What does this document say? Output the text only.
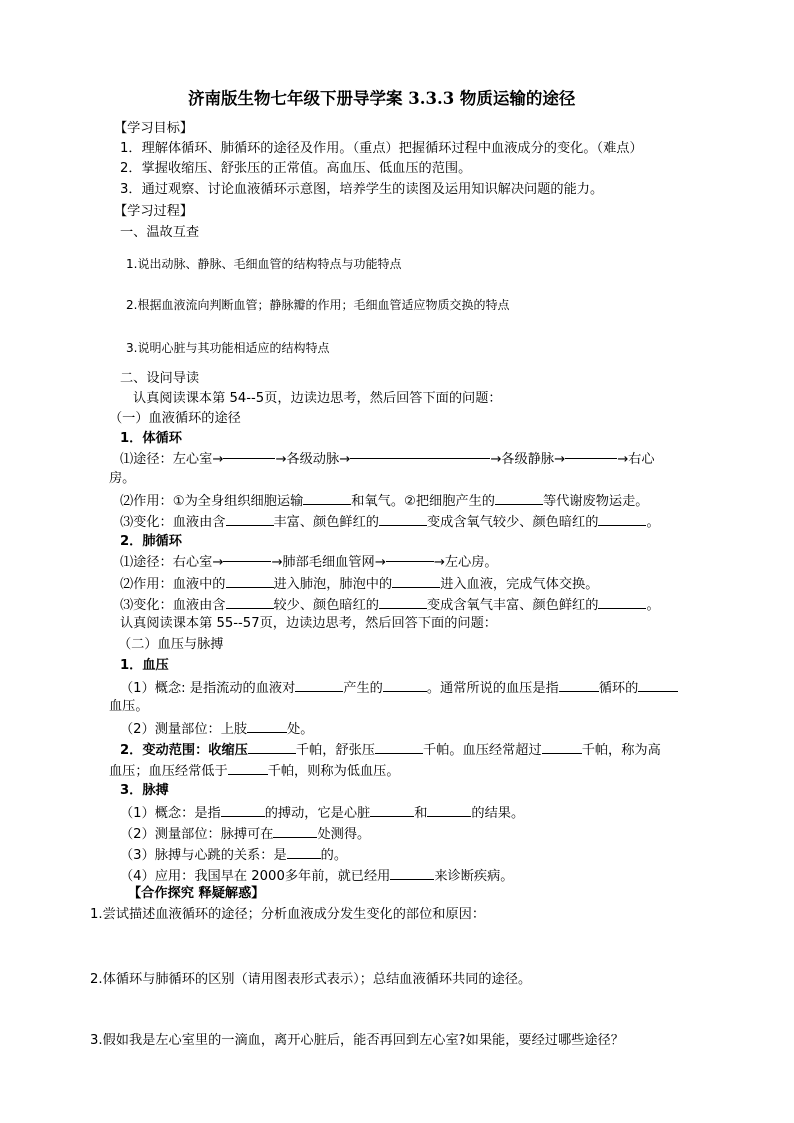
济南版生物七年级下册导学案 3.3.3 物质运输的途径
【学习目标】
1．理解体循环、肺循环的途径及作用。（重点）把握循环过程中血液成分的变化。（难点）
2．掌握收缩压、舒张压的正常值。高血压、低血压的范围。
3．通过观察、讨论血液循环示意图，培养学生的读图及运用知识解决问题的能力。
【学习过程】
一、温故互查
1.说出动脉、静脉、毛细血管的结构特点与功能特点
2.根据血液流向判断血管；静脉瓣的作用；毛细血管适应物质交换的特点
3.说明心脏与其功能相适应的结构特点
二、设问导读
认真阅读课本第 54--5页，边读边思考，然后回答下面的问题：
（一）血液循环的途径
1．体循环
⑴途径：左心室→	→各级动脉→	→各级静脉→	→右心
房。
⑵作用：①为全身组织细胞运输	和氧气。②把细胞产生的	等代谢废物运走。
⑶变化：血液由含	丰富、颜色鲜红的	变成含氧气较少、颜色暗红的	。
2．肺循环
⑴途径：右心室→	→肺部毛细血管网→	→左心房。
⑵作用：血液中的	进入肺泡，肺泡中的	进入血液，完成气体交换。
⑶变化：血液由含	较少、颜色暗红的	变成含氧气丰富、颜色鲜红的	。
认真阅读课本第 55--57页，边读边思考，然后回答下面的问题：
（二）血压与脉搏
1．血压
（1）概念: 是指流动的血液对	产生的	。通常所说的血压是指	循环的
血压。
（2）测量部位：上肢	处。
2．变动范围：收缩压	千帕，舒张压	千帕。血压经常超过	千帕，称为高
血压；血压经常低于	千帕，则称为低血压。
3．脉搏
（1）概念：是指	的搏动，它是心脏	和	的结果。
（2）测量部位：脉搏可在	处测得。
（3）脉搏与心跳的关系：是	的。
（4）应用：我国早在 2000多年前，就已经用	来诊断疾病。
【合作探究 释疑解惑】
1.尝试描述血液循环的途径；分析血液成分发生变化的部位和原因：
2.体循环与肺循环的区别（请用图表形式表示）；总结血液循环共同的途径。
3.假如我是左心室里的一滴血，离开心脏后，能否再回到左心室?如果能，要经过哪些途径？
